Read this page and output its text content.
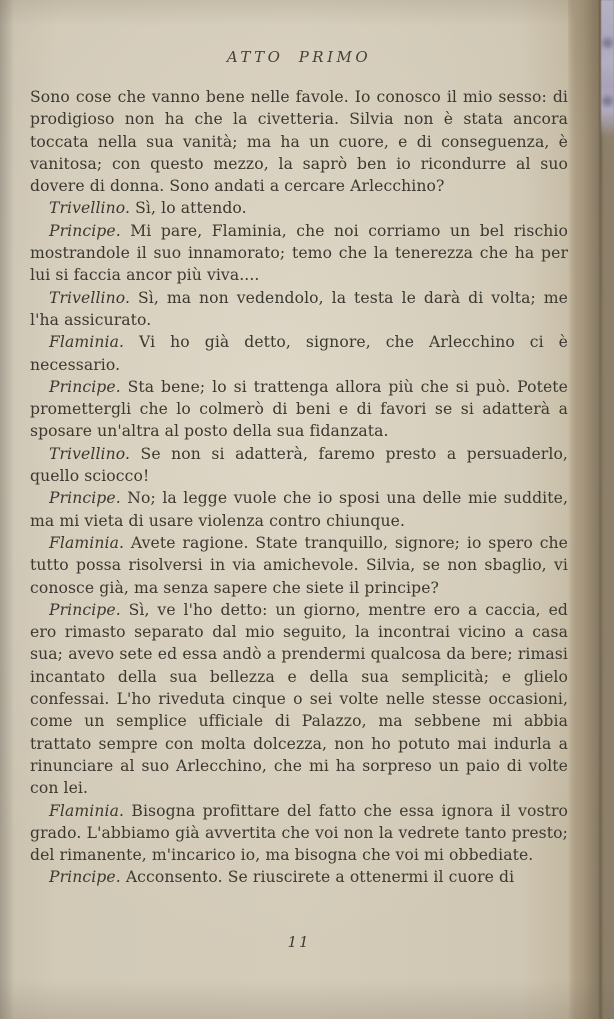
ATTO PRIMO

Sono cose che vanno bene nelle favole. Io conosco il mio sesso: di prodigioso non ha che la civetteria. Silvia non è stata ancora toccata nella sua vanità; ma ha un cuore, e di conseguenza, è vanitosa; con questo mezzo, la saprò ben io ricondurre al suo dovere di donna. Sono andati a cercare Arlecchino?

Trivellino. Sì, lo attendo.

Principe. Mi pare, Flaminia, che noi corriamo un bel rischio mostrandole il suo innamorato; temo che la tenerezza che ha per lui si faccia ancor più viva....

Trivellino. Sì, ma non vedendolo, la testa le darà di volta; me l'ha assicurato.

Flaminia. Vi ho già detto, signore, che Arlecchino ci è necessario.

Principe. Sta bene; lo si trattenga allora più che si può. Potete promettergli che lo colmerò di beni e di favori se si adatterà a sposare un'altra al posto della sua fidanzata.

Trivellino. Se non si adatterà, faremo presto a persuaderlo, quello sciocco!

Principe. No; la legge vuole che io sposi una delle mie suddite, ma mi vieta di usare violenza contro chiunque.

Flaminia. Avete ragione. State tranquillo, signore; io spero che tutto possa risolversi in via amichevole. Silvia, se non sbaglio, vi conosce già, ma senza sapere che siete il principe?

Principe. Sì, ve l'ho detto: un giorno, mentre ero a caccia, ed ero rimasto separato dal mio seguito, la incontrai vicino a casa sua; avevo sete ed essa andò a prendermi qualcosa da bere; rimasi incantato della sua bellezza e della sua semplicità; e glielo confessai. L'ho riveduta cinque o sei volte nelle stesse occasioni, come un semplice ufficiale di Palazzo, ma sebbene mi abbia trattato sempre con molta dolcezza, non ho potuto mai indurla a rinunciare al suo Arlecchino, che mi ha sorpreso un paio di volte con lei.

Flaminia. Bisogna profittare del fatto che essa ignora il vostro grado. L'abbiamo già avvertita che voi non la vedrete tanto presto; del rimanente, m'incarico io, ma bisogna che voi mi obbediate.

Principe. Acconsento. Se riuscirete a ottenermi il cuore di

11
